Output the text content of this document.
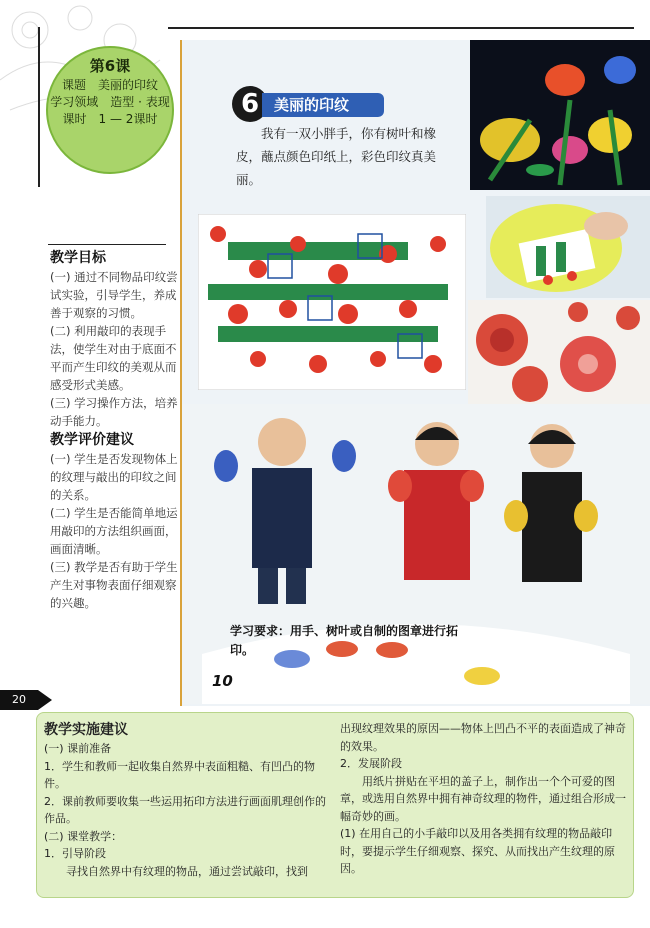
第6课
课题　美丽的印纹
学习领域　造型 · 表现
课时　1 — 2课时
教学目标

(一) 通过不同物品印纹尝试实验，引导学生，养成善于观察的习惯。

(二) 利用敲印的表现手法，使学生对由于底面不平而产生印纹的美观从而感受形式美感。

(三) 学习操作方法，培养动手能力。

教学评价建议

(一) 学生是否发现物体上的纹理与敲出的印纹之间的关系。

(二) 学生是否能简单地运用敲印的方法组织画面，画面清晰。

(三) 教学是否有助于学生产生对事物表面仔细观察的兴趣。

6 美丽的印纹
我有一双小胖手，你有树叶和橡皮，蘸点颜色印纸上，彩色印纹真美丽。
学习要求：用手、树叶或自制的图章进行拓印。
10
20
教学实施建议

(一) 课前准备

1．学生和教师一起收集自然界中表面粗糙、有凹凸的物件。

2．课前教师要收集一些运用拓印方法进行画面肌理创作的作品。

(二) 课堂教学：

1．引导阶段

寻找自然界中有纹理的物品，通过尝试敲印，找到

出现纹理效果的原因——物体上凹凸不平的表面造成了神奇的效果。

2．发展阶段

用纸片拼贴在平坦的盖子上，制作出一个个可爱的图章，或选用自然界中拥有神奇纹理的物件，通过组合形成一幅奇妙的画。

(1) 在用自己的小手敲印以及用各类拥有纹理的物品敲印时，要提示学生仔细观察、探究、从而找出产生纹理的原因。
